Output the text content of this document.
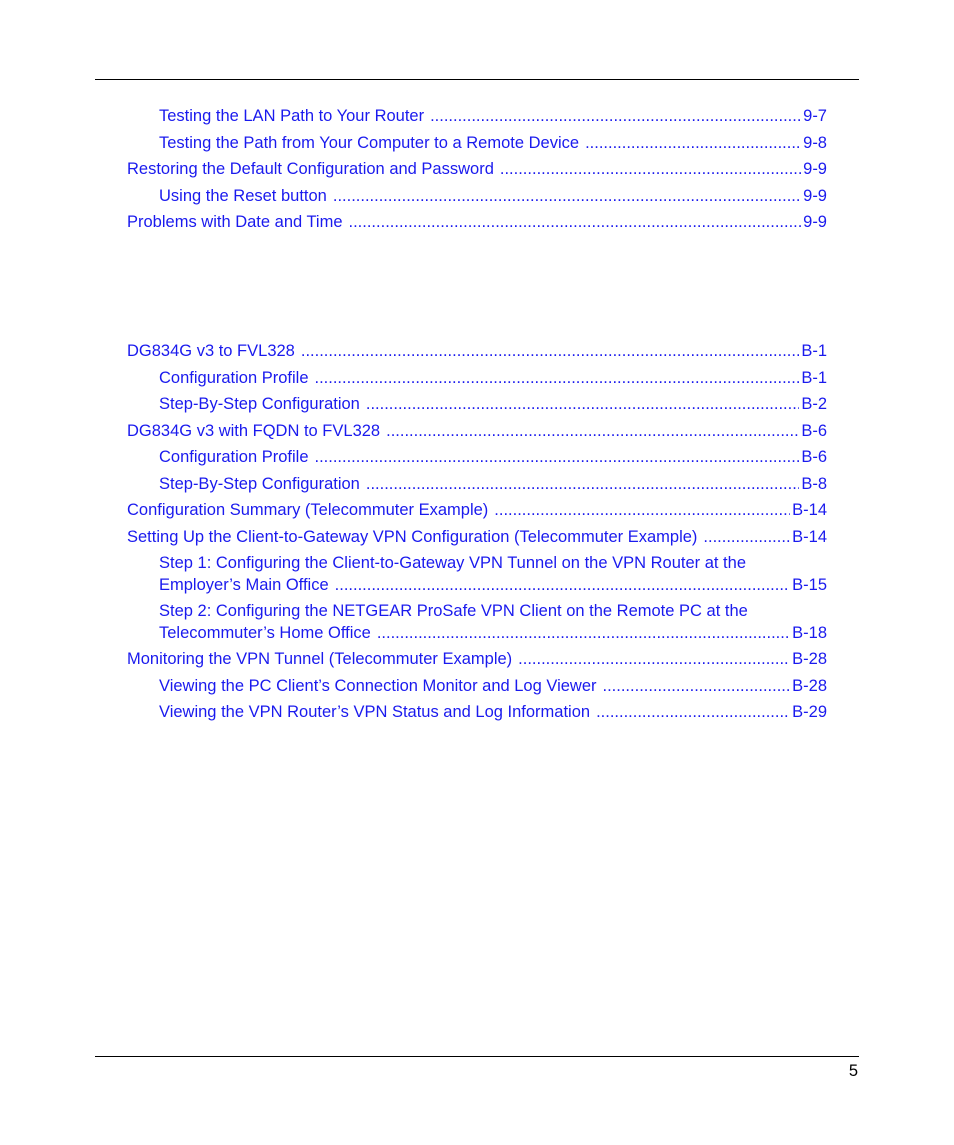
Testing the LAN Path to Your Router .....	9-7
Testing the Path from Your Computer to a Remote Device .....	9-8
Restoring the Default Configuration and Password .....	9-9
Using the Reset button .....	9-9
Problems with Date and Time .....	9-9
DG834G v3 to FVL328 .....	B-1
Configuration Profile .....	B-1
Step-By-Step Configuration .....	B-2
DG834G v3 with FQDN to FVL328 .....	B-6
Configuration Profile .....	B-6
Step-By-Step Configuration .....	B-8
Configuration Summary (Telecommuter Example) .....	B-14
Setting Up the Client-to-Gateway VPN Configuration (Telecommuter Example) .....	B-14
Step 1: Configuring the Client-to-Gateway VPN Tunnel on the VPN Router at the
Employer’s Main Office .....	B-15
Step 2: Configuring the NETGEAR ProSafe VPN Client on the Remote PC at the
Telecommuter’s Home Office .....	B-18
Monitoring the VPN Tunnel (Telecommuter Example) .....	B-28
Viewing the PC Client’s Connection Monitor and Log Viewer .....	B-28
Viewing the VPN Router’s VPN Status and Log Information .....	B-29
5
